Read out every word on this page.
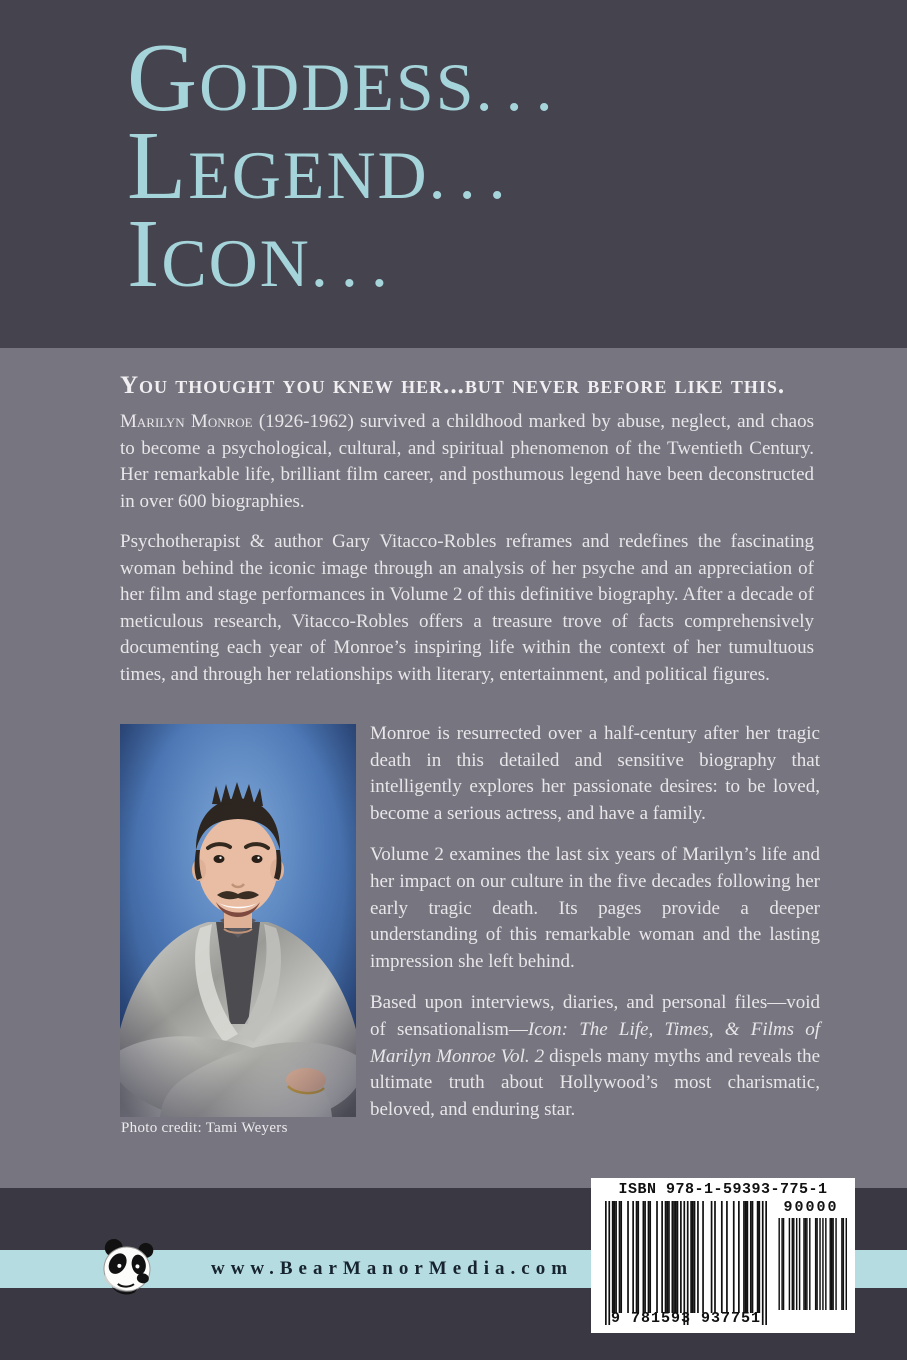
GODDESS...
LEGEND...
ICON...
You thought you knew her...but never before like this.

Marilyn Monroe (1926-1962) survived a childhood marked by abuse, neglect, and chaos to become a psychological, cultural, and spiritual phenomenon of the Twentieth Century. Her remarkable life, brilliant film career, and posthumous legend have been deconstructed in over 600 biographies.

Psychotherapist & author Gary Vitacco-Robles reframes and redefines the fascinating woman behind the iconic image through an analysis of her psyche and an appreciation of her film and stage performances in Volume 2 of this definitive biography. After a decade of meticulous research, Vitacco-Robles offers a treasure trove of facts comprehensively documenting each year of Monroe’s inspiring life within the context of her tumultuous times, and through her relationships with literary, entertainment, and political figures.

Photo credit: Tami Weyers

Monroe is resurrected over a half-century after her tragic death in this detailed and sensitive biography that intelligently explores her passionate desires: to be loved, become a serious actress, and have a family.

Volume 2 examines the last six years of Marilyn’s life and her impact on our culture in the five decades following her early tragic death. Its pages provide a deeper understanding of this remarkable woman and the lasting impression she left behind.

Based upon interviews, diaries, and personal files—void of sensationalism—Icon: The Life, Times, & Films of Marilyn Monroe Vol. 2 dispels many myths and reveals the ultimate truth about Hollywood’s most charismatic, beloved, and enduring star.

www.BearManorMedia.com
ISBN 978-1-59393-775-1
9 781593 937751
90000
